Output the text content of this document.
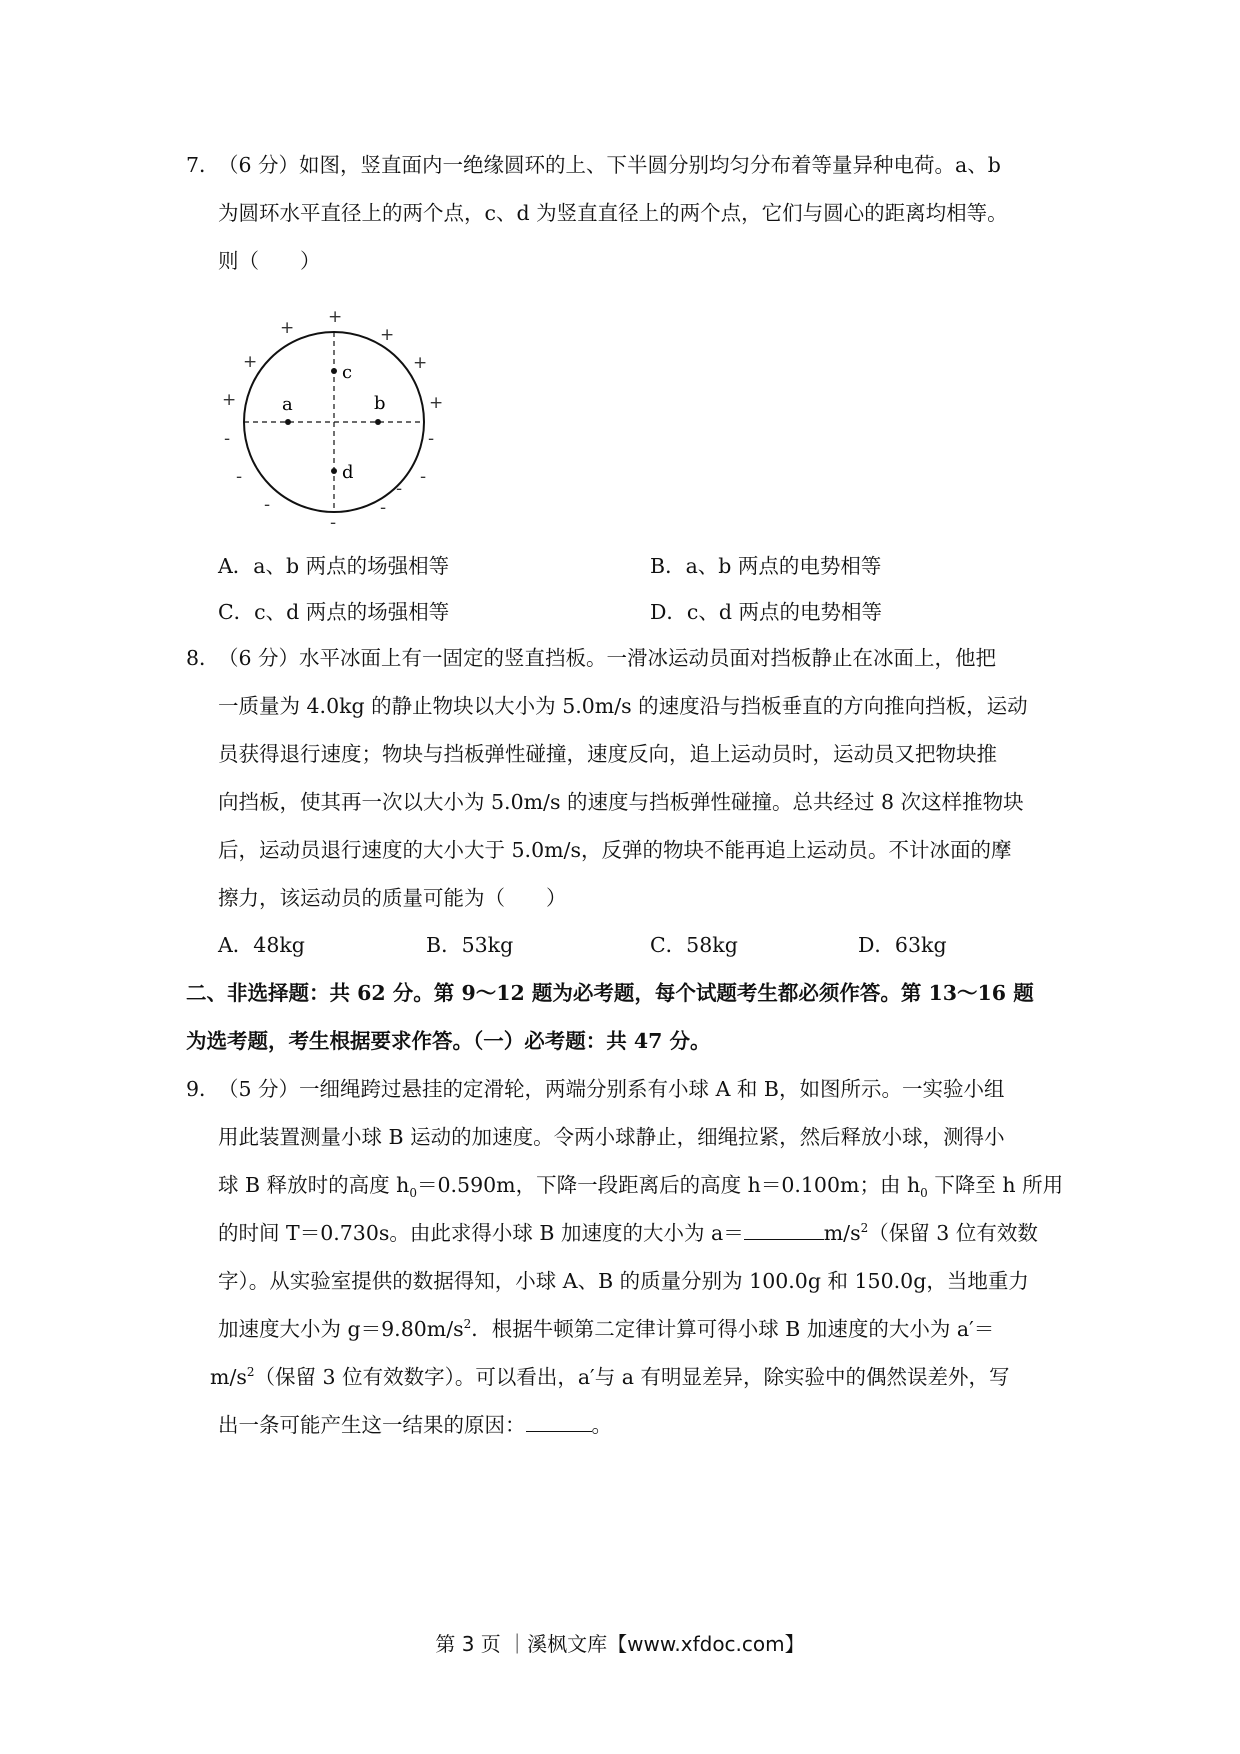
7．
（6 分）如图，竖直面内一绝缘圆环的上、下半圆分别均匀分布着等量异种电荷。a、b
为圆环水平直径上的两个点，c、d 为竖直直径上的两个点，它们与圆心的距离均相等。
则（　　）
a	b
c
d
+
+	+
+	+
+	+
-	-
-	-
-
-	-
-
A．a、b 两点的场强相等	B．a、b 两点的电势相等
C．c、d 两点的场强相等	D．c、d 两点的电势相等
8．
（6 分）水平冰面上有一固定的竖直挡板。一滑冰运动员面对挡板静止在冰面上，他把
一质量为 4.0kg 的静止物块以大小为 5.0m/s 的速度沿与挡板垂直的方向推向挡板，运动
员获得退行速度；物块与挡板弹性碰撞，速度反向，追上运动员时，运动员又把物块推
向挡板，使其再一次以大小为 5.0m/s 的速度与挡板弹性碰撞。总共经过 8 次这样推物块
后，运动员退行速度的大小大于 5.0m/s，反弹的物块不能再追上运动员。不计冰面的摩
擦力，该运动员的质量可能为（　　）
A．48kg	B．53kg	C．58kg	D．63kg
二、非选择题：共 62 分。第 9～12 题为必考题，每个试题考生都必须作答。第 13～16 题
为选考题，考生根据要求作答。（一）必考题：共 47 分。
9．
（5 分）一细绳跨过悬挂的定滑轮，两端分别系有小球 A 和 B，如图所示。一实验小组
用此装置测量小球 B 运动的加速度。令两小球静止，细绳拉紧，然后释放小球，测得小
球 B 释放时的高度 $h_0=0.590m$，下降一段距离后的高度 h＝0.100m；由 $h_0$ 下降至 h 所用
的时间 T＝0.730s。由此求得小球 B 加速度的大小为 a＝	$m/s^2$（保留 3 位有效数
字）。从实验室提供的数据得知，小球 A、B 的质量分别为 100.0g 和 150.0g，当地重力
加速度大小为 $g=9.80m/s^2$．根据牛顿第二定律计算可得小球 B 加速度的大小为 a′＝
$m/s^2$（保留 3 位有效数字）。可以看出，a′与 a 有明显差异，除实验中的偶然误差外，写
出一条可能产生这一结果的原因：	。
第 3 页 ｜溪枫文库【www.xfdoc.com】
